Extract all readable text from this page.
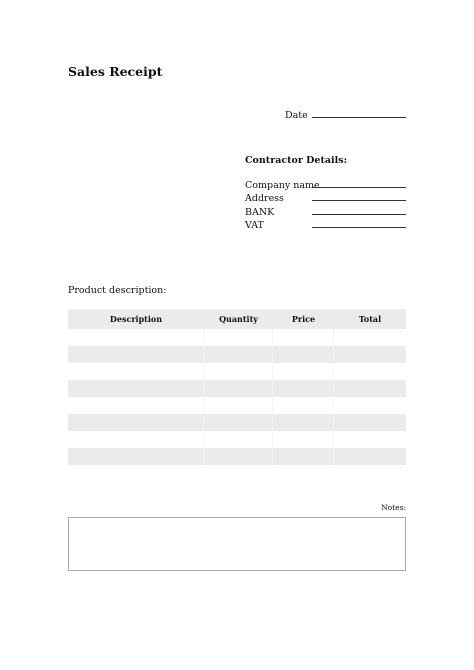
Sales Receipt
Date
Contractor Details:
Company name
Address
BANK
VAT
Product description:
Description	Quantity	Price	Total
Notes:
